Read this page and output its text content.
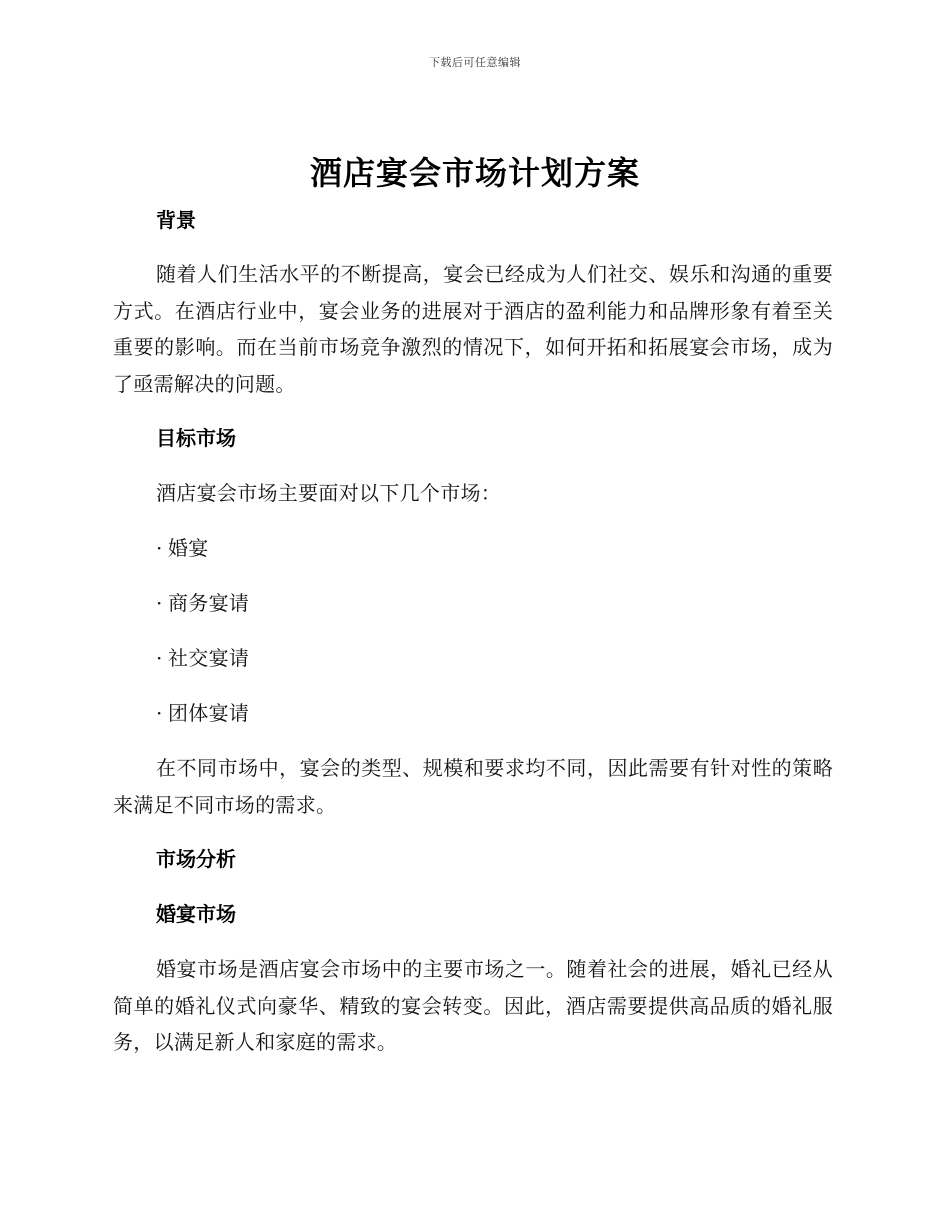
下载后可任意编辑
酒店宴会市场计划方案

背景

随着人们生活水平的不断提高，宴会已经成为人们社交、娱乐和沟通的重要方式。在酒店行业中，宴会业务的进展对于酒店的盈利能力和品牌形象有着至关重要的影响。而在当前市场竞争激烈的情况下，如何开拓和拓展宴会市场，成为了亟需解决的问题。

目标市场

酒店宴会市场主要面对以下几个市场：

· 婚宴

· 商务宴请

· 社交宴请

· 团体宴请

在不同市场中，宴会的类型、规模和要求均不同，因此需要有针对性的策略来满足不同市场的需求。

市场分析

婚宴市场

婚宴市场是酒店宴会市场中的主要市场之一。随着社会的进展，婚礼已经从简单的婚礼仪式向豪华、精致的宴会转变。因此，酒店需要提供高品质的婚礼服务，以满足新人和家庭的需求。
